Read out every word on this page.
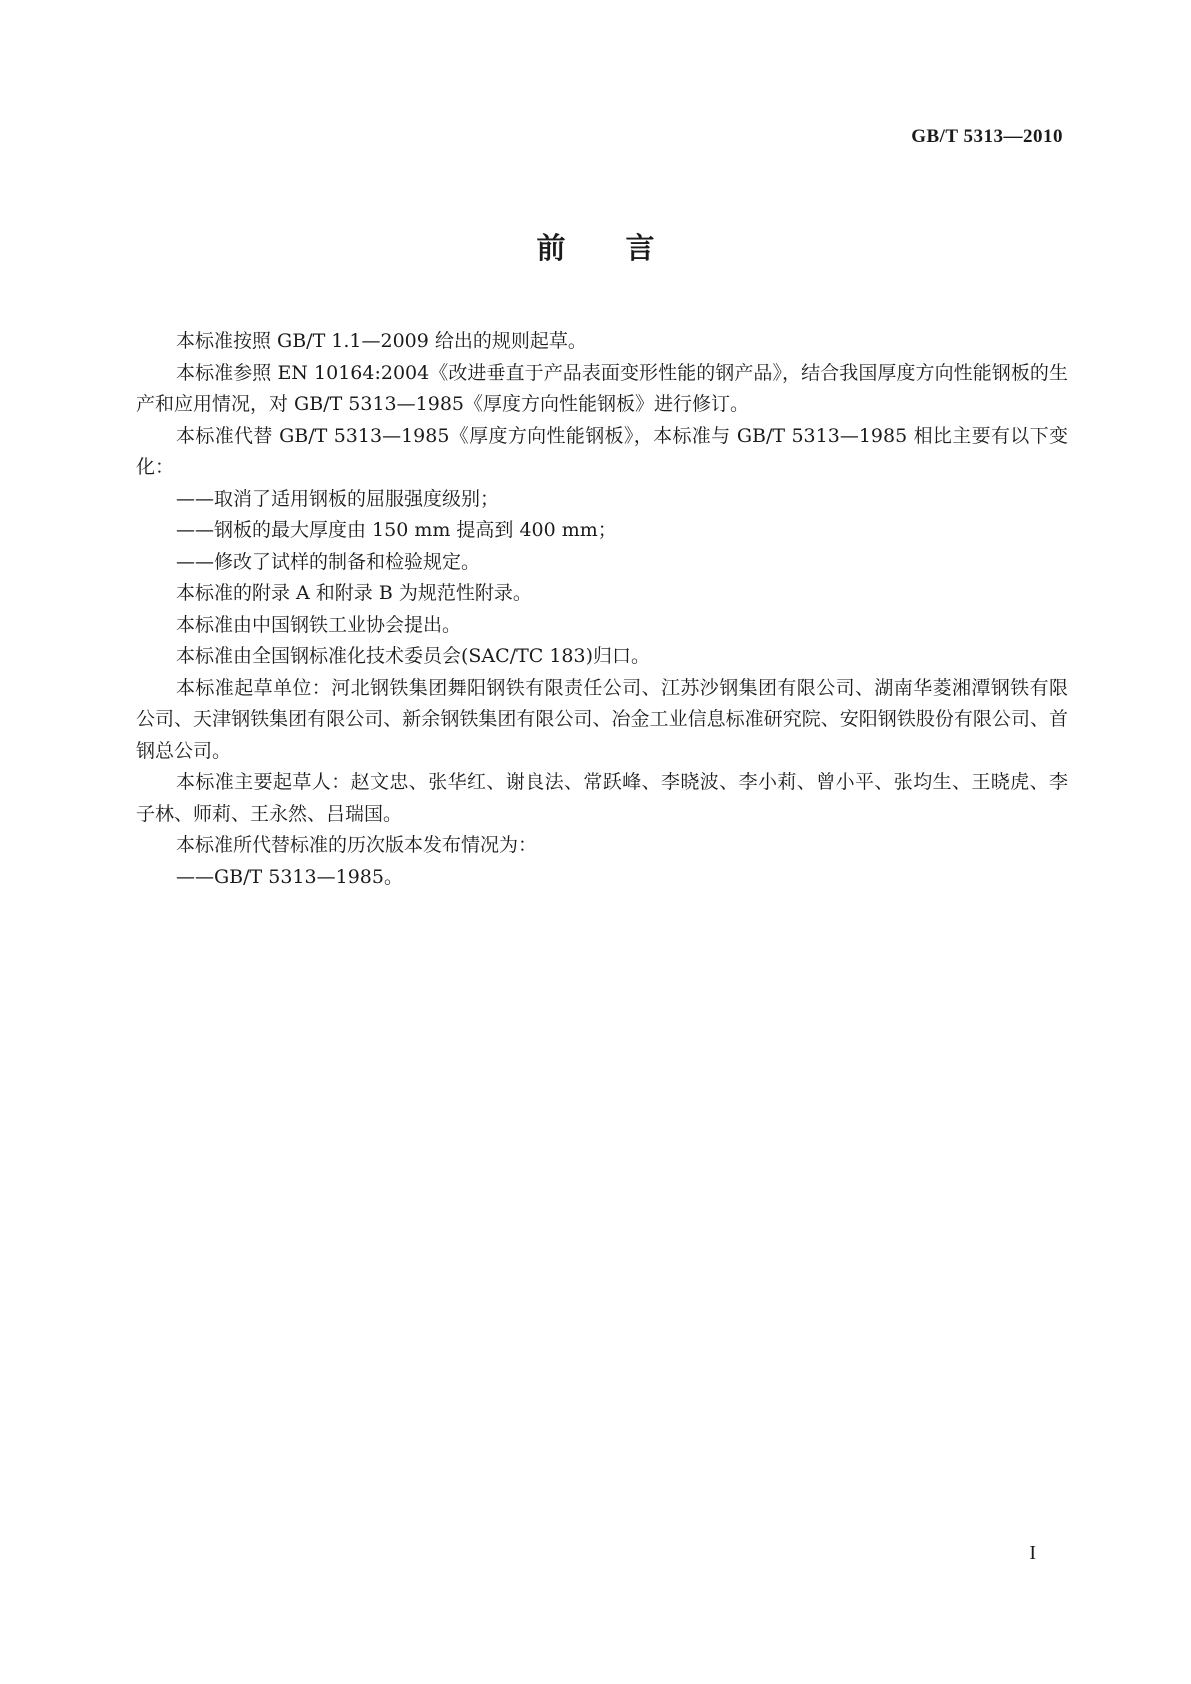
GB/T 5313—2010
前言

本标准按照 GB/T 1.1—2009 给出的规则起草。

本标准参照 EN 10164:2004《改进垂直于产品表面变形性能的钢产品》，结合我国厚度方向性能钢板的生产和应用情况，对 GB/T 5313—1985《厚度方向性能钢板》进行修订。

本标准代替 GB/T 5313—1985《厚度方向性能钢板》，本标准与 GB/T 5313—1985 相比主要有以下变化：

——取消了适用钢板的屈服强度级别；

——钢板的最大厚度由 150 mm 提高到 400 mm；

——修改了试样的制备和检验规定。

本标准的附录 A 和附录 B 为规范性附录。

本标准由中国钢铁工业协会提出。

本标准由全国钢标准化技术委员会(SAC/TC 183)归口。

本标准起草单位：河北钢铁集团舞阳钢铁有限责任公司、江苏沙钢集团有限公司、湖南华菱湘潭钢铁有限公司、天津钢铁集团有限公司、新余钢铁集团有限公司、冶金工业信息标准研究院、安阳钢铁股份有限公司、首钢总公司。

本标准主要起草人：赵文忠、张华红、谢良法、常跃峰、李晓波、李小莉、曾小平、张均生、王晓虎、李子林、师莉、王永然、吕瑞国。

本标准所代替标准的历次版本发布情况为：

——GB/T 5313—1985。

I
